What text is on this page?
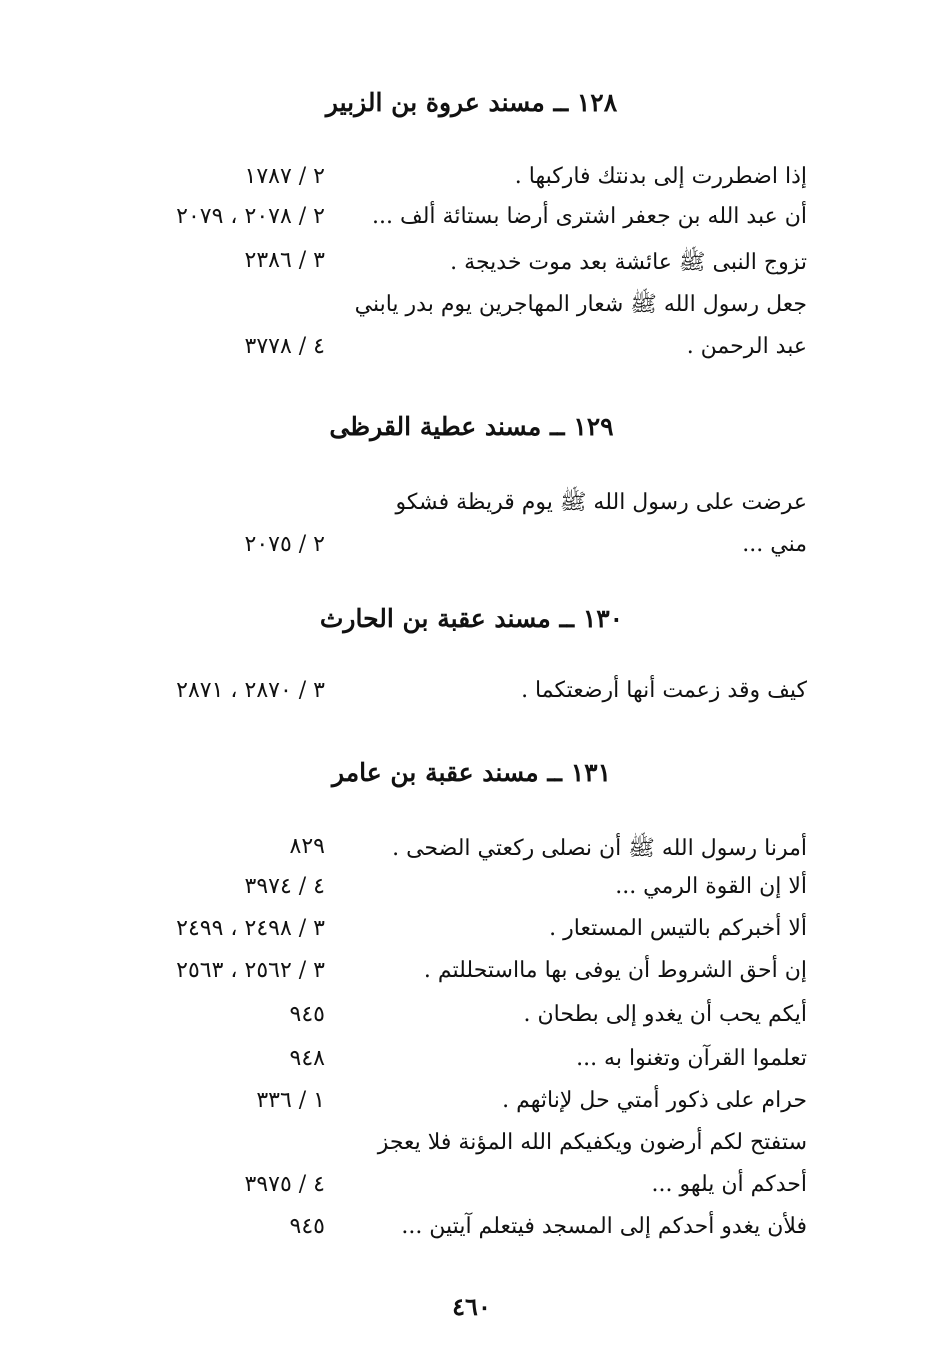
١٢٨ ــ مسند عروة بن الزبير
إذا اضطررت إلى بدنتك فاركبها .
٢ / ١٧٨٧
أن عبد الله بن جعفر اشترى أرضا بستائة ألف ...
٢ / ٢٠٧٨ ، ٢٠٧٩
تزوج النبى ﷺ عائشة بعد موت خديجة .
٣ / ٢٣٨٦
جعل رسول الله ﷺ شعار المهاجرين يوم بدر يابني
عبد الرحمن .
٤ / ٣٧٧٨
١٢٩ ــ مسند عطية القرظى
عرضت على رسول الله ﷺ يوم قريظة فشكو
مني ...
٢ / ٢٠٧٥
١٣٠ ــ مسند عقبة بن الحارث
كيف وقد زعمت أنها أرضعتكما .
٣ / ٢٨٧٠ ، ٢٨٧١
١٣١ ــ مسند عقبة بن عامر
أمرنا رسول الله ﷺ أن نصلى ركعتي الضحى .
٨٢٩
ألا إن القوة الرمي ...
٤ / ٣٩٧٤
ألا أخبركم بالتيس المستعار .
٣ / ٢٤٩٨ ، ٢٤٩٩
إن أحق الشروط أن يوفى بها مااستحللتم .
٣ / ٢٥٦٢ ، ٢٥٦٣
أيكم يحب أن يغدو إلى بطحان .
٩٤٥
تعلموا القرآن وتغنوا به ...
٩٤٨
حرام على ذكور أمتي حل لإناثهم .
١ / ٣٣٦
ستفتح لكم أرضون ويكفيكم الله المؤنة فلا يعجز
أحدكم أن يلهو ...
٤ / ٣٩٧٥
فلأن يغدو أحدكم إلى المسجد فيتعلم آيتين ...
٩٤٥
٤٦٠
